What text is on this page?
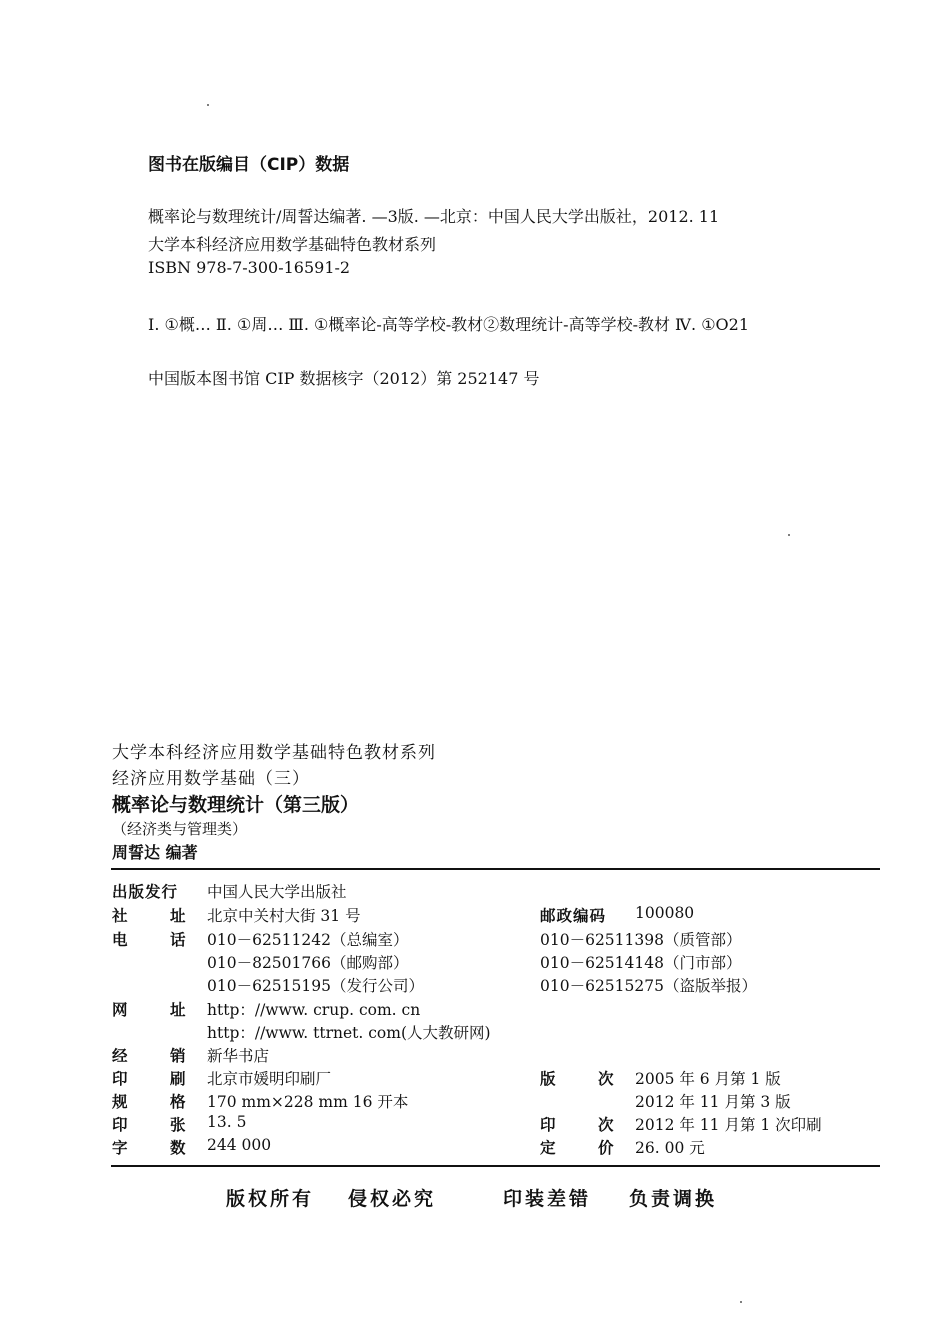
图书在版编目（CIP）数据
概率论与数理统计/周誓达编著. —3版. —北京：中国人民大学出版社，2012. 11
大学本科经济应用数学基础特色教材系列
ISBN 978-7-300-16591-2
Ⅰ. ①概… Ⅱ. ①周… Ⅲ. ①概率论-高等学校-教材②数理统计-高等学校-教材 Ⅳ. ①O21
中国版本图书馆 CIP 数据核字（2012）第 252147 号
大学本科经济应用数学基础特色教材系列
经济应用数学基础（三）
概率论与数理统计（第三版）
（经济类与管理类）
周誓达 编著
出版发行 中国人民大学出版社
社	址 北京中关村大街 31 号	邮政编码 100080
电	话 010－62511242（总编室）	010－62511398（质管部）
010－82501766（邮购部）	010－62514148（门市部）
010－62515195（发行公司）	010－62515275（盗版举报）
网	址 http：//www. crup. com. cn
http：//www. ttrnet. com(人大教研网)
经	销 新华书店
印	刷 北京市媛明印刷厂	版	次 2005 年 6 月第 1 版
规	格 170 mm×228 mm 16 开本	2012 年 11 月第 3 版
印	张 13. 5	印	次 2012 年 11 月第 1 次印刷
字	数 244 000	定	价 26. 00 元
版权所有 侵权必究	印装差错 负责调换
